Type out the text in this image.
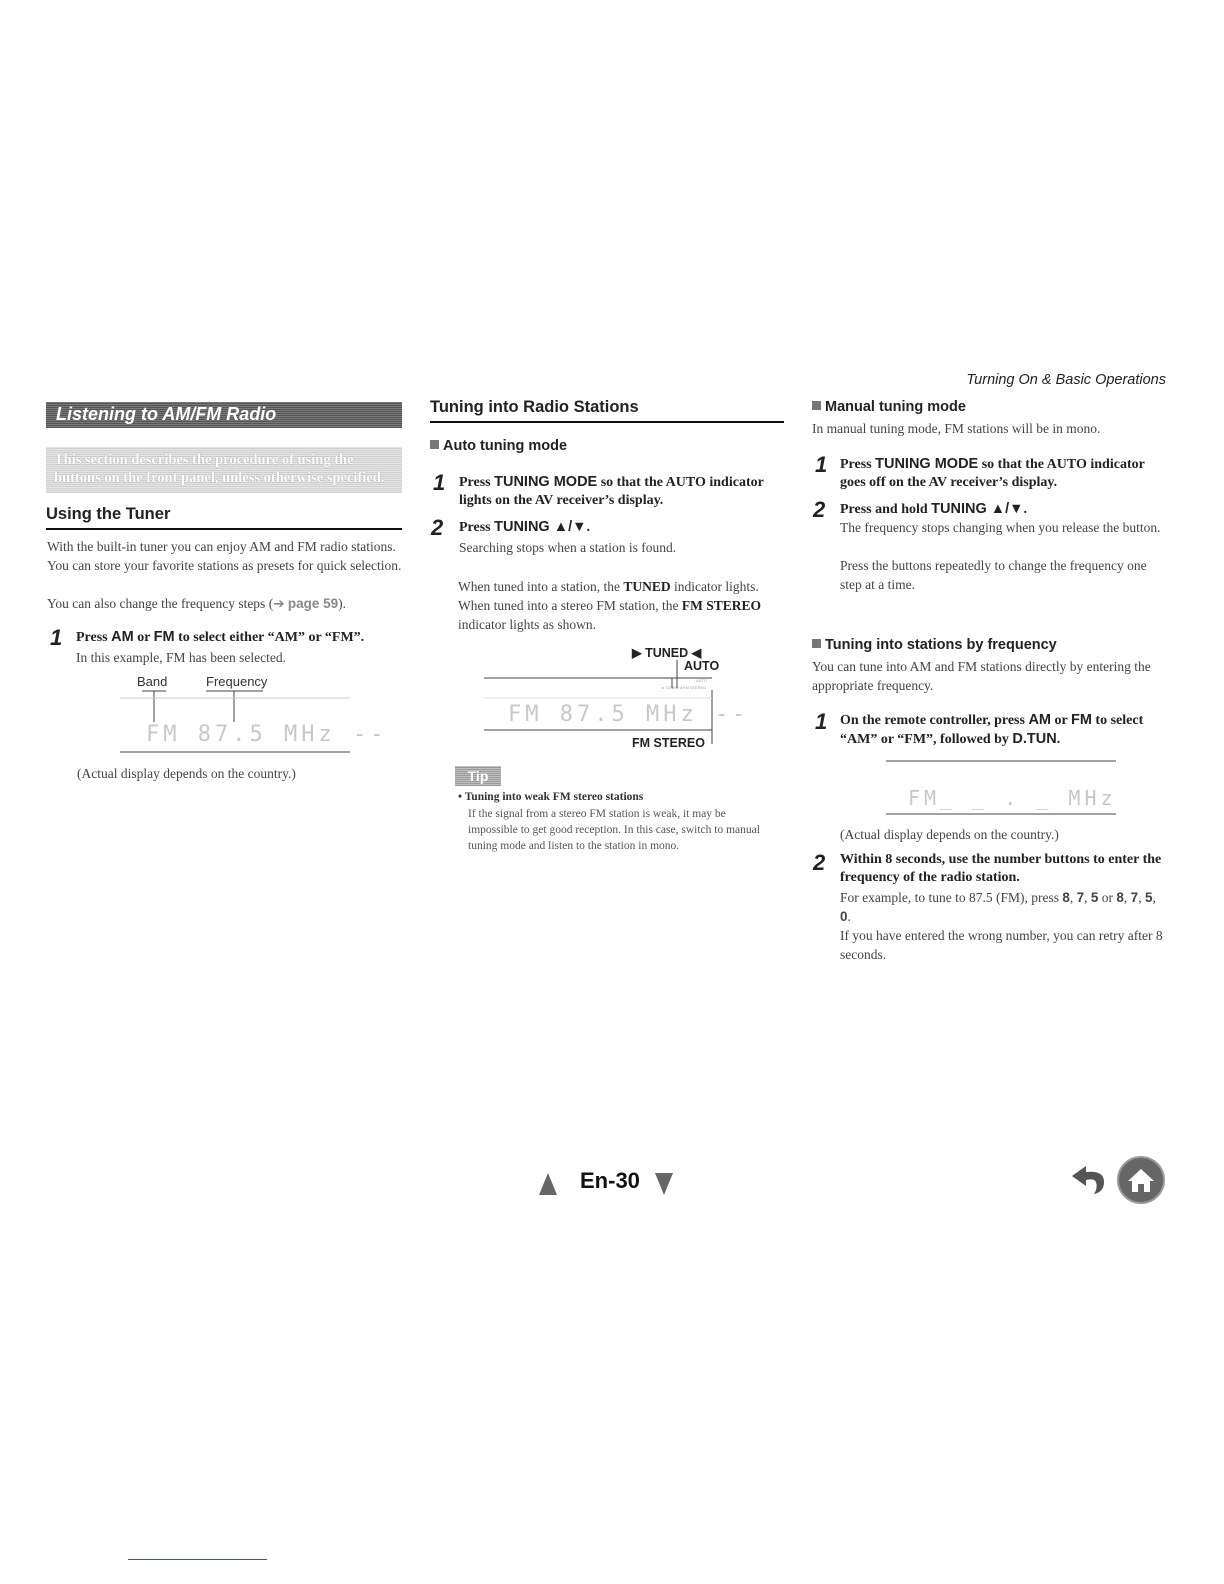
Turning On & Basic Operations
Listening to AM/FM Radio
This section describes the procedure of using the buttons on the front panel, unless otherwise specified.
Using the Tuner
With the built-in tuner you can enjoy AM and FM radio stations. You can store your favorite stations as presets for quick selection.
You can also change the frequency steps (➔ page 59).
1 Press AM or FM to select either “AM” or “FM”.
In this example, FM has been selected.
Band	Frequency
FM 87.5 MHz --
(Actual display depends on the country.)
Tuning into Radio Stations
Auto tuning mode
1 Press TUNING MODE so that the AUTO indicator lights on the AV receiver’s display.
2 Press TUNING ▲/▼.
Searching stops when a station is found.
When tuned into a station, the TUNED indicator lights. When tuned into a stereo FM station, the FM STEREO indicator lights as shown.
▶ TUNED ◀
AUTO
▸ TUNED ◂ FM STEREO
AUTO
FM 87.5 MHz --
FM STEREO
Tip
• Tuning into weak FM stereo stations
If the signal from a stereo FM station is weak, it may be impossible to get good reception. In this case, switch to manual tuning mode and listen to the station in mono.
Manual tuning mode
In manual tuning mode, FM stations will be in mono.
1 Press TUNING MODE so that the AUTO indicator goes off on the AV receiver’s display.
2 Press and hold TUNING ▲/▼.
The frequency stops changing when you release the button.
Press the buttons repeatedly to change the frequency one step at a time.
Tuning into stations by frequency
You can tune into AM and FM stations directly by entering the appropriate frequency.
1 On the remote controller, press AM or FM to select “AM” or “FM”, followed by D.TUN.
FM_ _ . _ MHz
(Actual display depends on the country.)
2 Within 8 seconds, use the number buttons to enter the frequency of the radio station.
For example, to tune to 87.5 (FM), press 8, 7, 5 or 8, 7, 5, 0.
If you have entered the wrong number, you can retry after 8 seconds.
En-30
